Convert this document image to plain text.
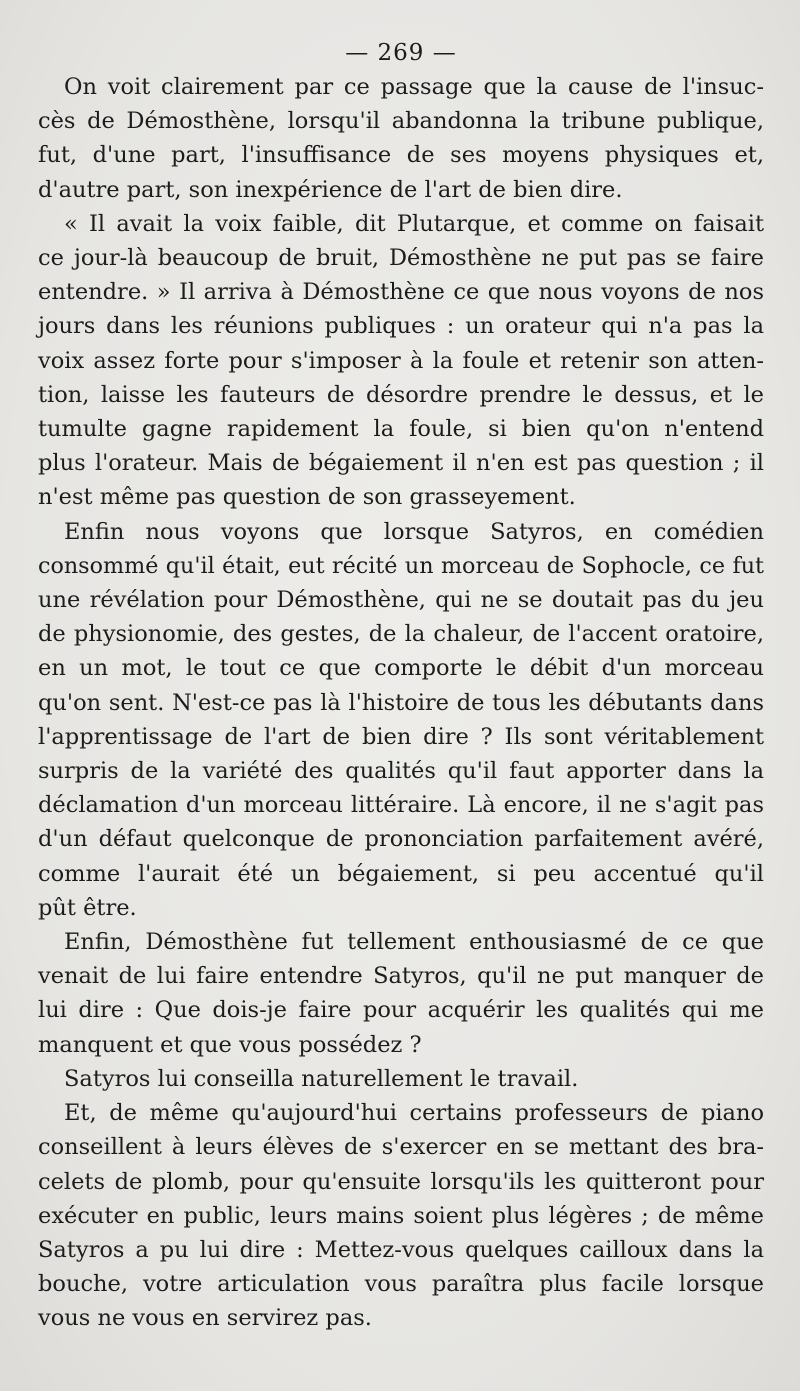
— 269 —

On voit clairement par ce passage que la cause de l'insuc-
cès de Démosthène, lorsqu'il abandonna la tribune publique,
fut, d'une part, l'insuffisance de ses moyens physiques et,
d'autre part, son inexpérience de l'art de bien dire.

« Il avait la voix faible, dit Plutarque, et comme on faisait
ce jour-là beaucoup de bruit, Démosthène ne put pas se faire
entendre. » Il arriva à Démosthène ce que nous voyons de nos
jours dans les réunions publiques : un orateur qui n'a pas la
voix assez forte pour s'imposer à la foule et retenir son atten-
tion, laisse les fauteurs de désordre prendre le dessus, et le
tumulte gagne rapidement la foule, si bien qu'on n'entend
plus l'orateur. Mais de bégaiement il n'en est pas question ; il
n'est même pas question de son grasseyement.

Enfin nous voyons que lorsque Satyros, en comédien
consommé qu'il était, eut récité un morceau de Sophocle, ce fut
une révélation pour Démosthène, qui ne se doutait pas du jeu
de physionomie, des gestes, de la chaleur, de l'accent oratoire,
en un mot, le tout ce que comporte le débit d'un morceau
qu'on sent. N'est-ce pas là l'histoire de tous les débutants dans
l'apprentissage de l'art de bien dire ? Ils sont véritablement
surpris de la variété des qualités qu'il faut apporter dans la
déclamation d'un morceau littéraire. Là encore, il ne s'agit pas
d'un défaut quelconque de prononciation parfaitement avéré,
comme l'aurait été un bégaiement, si peu accentué qu'il
pût être.

Enfin, Démosthène fut tellement enthousiasmé de ce que
venait de lui faire entendre Satyros, qu'il ne put manquer de
lui dire : Que dois-je faire pour acquérir les qualités qui me
manquent et que vous possédez ?

Satyros lui conseilla naturellement le travail.

Et, de même qu'aujourd'hui certains professeurs de piano
conseillent à leurs élèves de s'exercer en se mettant des bra-
celets de plomb, pour qu'ensuite lorsqu'ils les quitteront pour
exécuter en public, leurs mains soient plus légères ; de même
Satyros a pu lui dire : Mettez-vous quelques cailloux dans la
bouche, votre articulation vous paraîtra plus facile lorsque
vous ne vous en servirez pas.
